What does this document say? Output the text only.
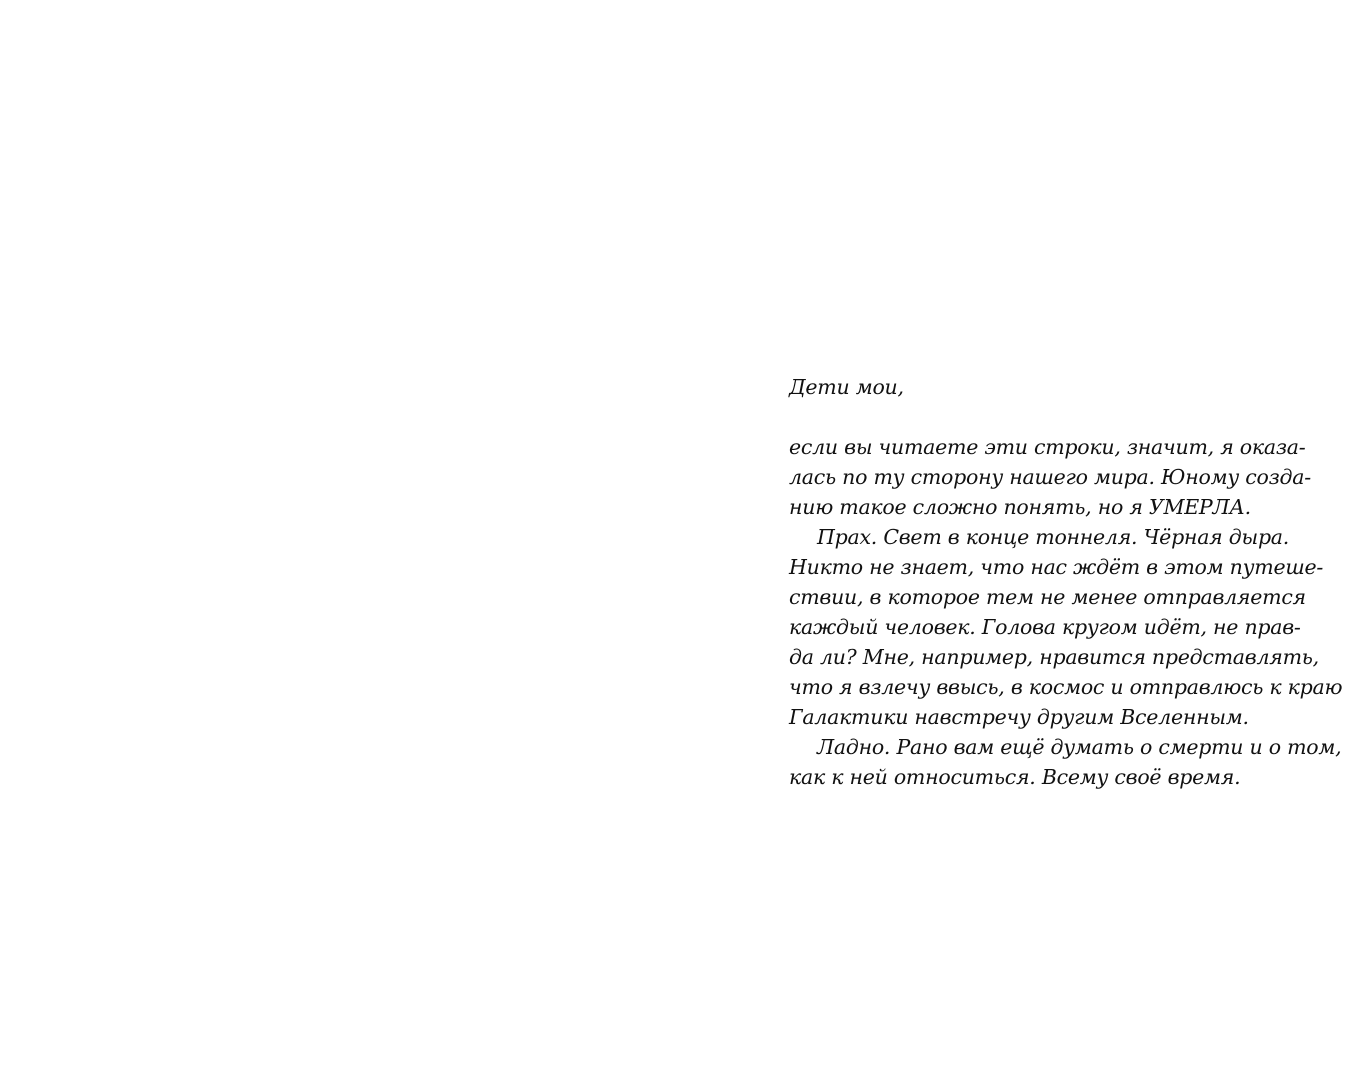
Дети мои,
если вы читаете эти строки, значит, я оказа-
лась по ту сторону нашего мира. Юному созда-
нию такое сложно понять, но я УМЕРЛА.
Прах. Свет в конце тоннеля. Чёрная дыра.
Никто не знает, что нас ждёт в этом путеше-
ствии, в которое тем не менее отправляется
каждый человек. Голова кругом идёт, не прав-
да ли? Мне, например, нравится представлять,
что я взлечу ввысь, в космос и отправлюсь к краю
Галактики навстречу другим Вселенным.
Ладно. Рано вам ещё думать о смерти и о том,
как к ней относиться. Всему своё время.
